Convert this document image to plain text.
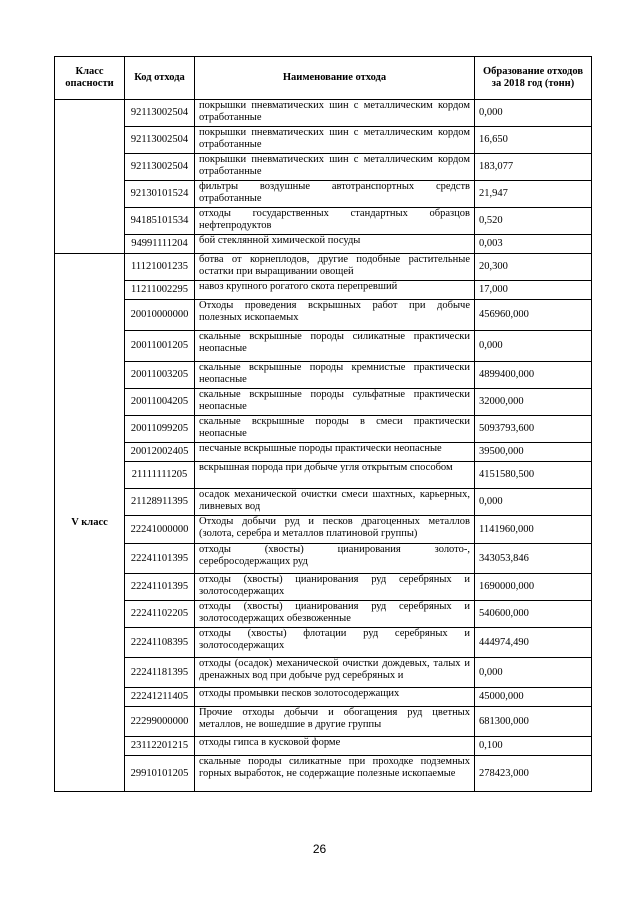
Класс опасности	Код отхода	Наименование отхода	Образование отходов за 2018 год (тонн)
	92113002504	покрышки пневматических шин с металлическим кордом отработанные	0,000
	92113002504	покрышки пневматических шин с металлическим кордом отработанные	16,650
	92113002504	покрышки пневматических шин с металлическим кордом отработанные	183,077
	92130101524	фильтры воздушные автотранспортных средств отработанные	21,947
	94185101534	отходы государственных стандартных образцов нефтепродуктов	0,520
	94991111204	бой стеклянной химической посуды	0,003
V класс	11121001235	ботва от корнеплодов, другие подобные растительные остатки при выращивании овощей	20,300
	11211002295	навоз крупного рогатого скота перепревший	17,000
	20010000000	Отходы проведения вскрышных работ при добыче полезных ископаемых	456960,000
	20011001205	скальные вскрышные породы силикатные практически неопасные	0,000
	20011003205	скальные вскрышные породы кремнистые практически неопасные	4899400,000
	20011004205	скальные вскрышные породы сульфатные практически неопасные	32000,000
	20011099205	скальные вскрышные породы в смеси практически неопасные	5093793,600
	20012002405	песчаные вскрышные породы практически неопасные	39500,000
	21111111205	вскрышная порода при добыче угля открытым способом	4151580,500
	21128911395	осадок механической очистки смеси шахтных, карьерных, ливневых вод	0,000
	22241000000	Отходы добычи руд и песков драгоценных металлов (золота, серебра и металлов платиновой группы)	1141960,000
	22241101395	отходы (хвосты) цианирования золото-, серебросодержащих руд	343053,846
	22241101395	отходы (хвосты) цианирования руд серебряных и золотосодержащих	1690000,000
	22241102205	отходы (хвосты) цианирования руд серебряных и золотосодержащих обезвоженные	540600,000
	22241108395	отходы (хвосты) флотации руд серебряных и золотосодержащих	444974,490
	22241181395	отходы (осадок) механической очистки дождевых, талых и дренажных вод при добыче руд серебряных и	0,000
	22241211405	отходы промывки песков золотосодержащих	45000,000
	22299000000	Прочие отходы добычи и обогащения руд цветных металлов, не вошедшие в другие группы	681300,000
	23112201215	отходы гипса в кусковой форме	0,100
	29910101205	скальные породы силикатные при проходке подземных горных выработок, не содержащие полезные ископаемые	278423,000
26
